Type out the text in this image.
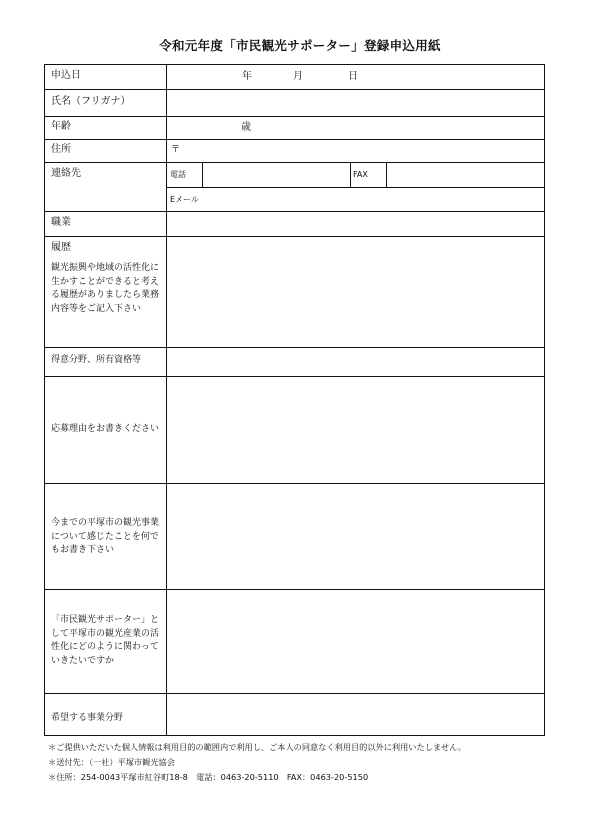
令和元年度「市民観光サポーター」登録申込用紙
申込日	年	月	日
氏名（フリガナ）
年齢	歳
住所	〒
連絡先	電話	FAX
Eメール
職業
履歴
観光振興や地域の活性化に生かすことができると考える履歴がありましたら業務内容等をご記入下さい
得意分野、所有資格等
応募理由をお書きください
今までの平塚市の観光事業について感じたことを何でもお書き下さい
「市民観光サポーター」として平塚市の観光産業の活性化にどのように関わっていきたいですか
希望する事業分野
＊ご提供いただいた個人情報は利用目的の範囲内で利用し、ご本人の同意なく利用目的以外に利用いたしません。
＊送付先：（一社）平塚市観光協会
＊住所：254-0043平塚市紅谷町18-8　電話：0463-20-5110　FAX：0463-20-5150
